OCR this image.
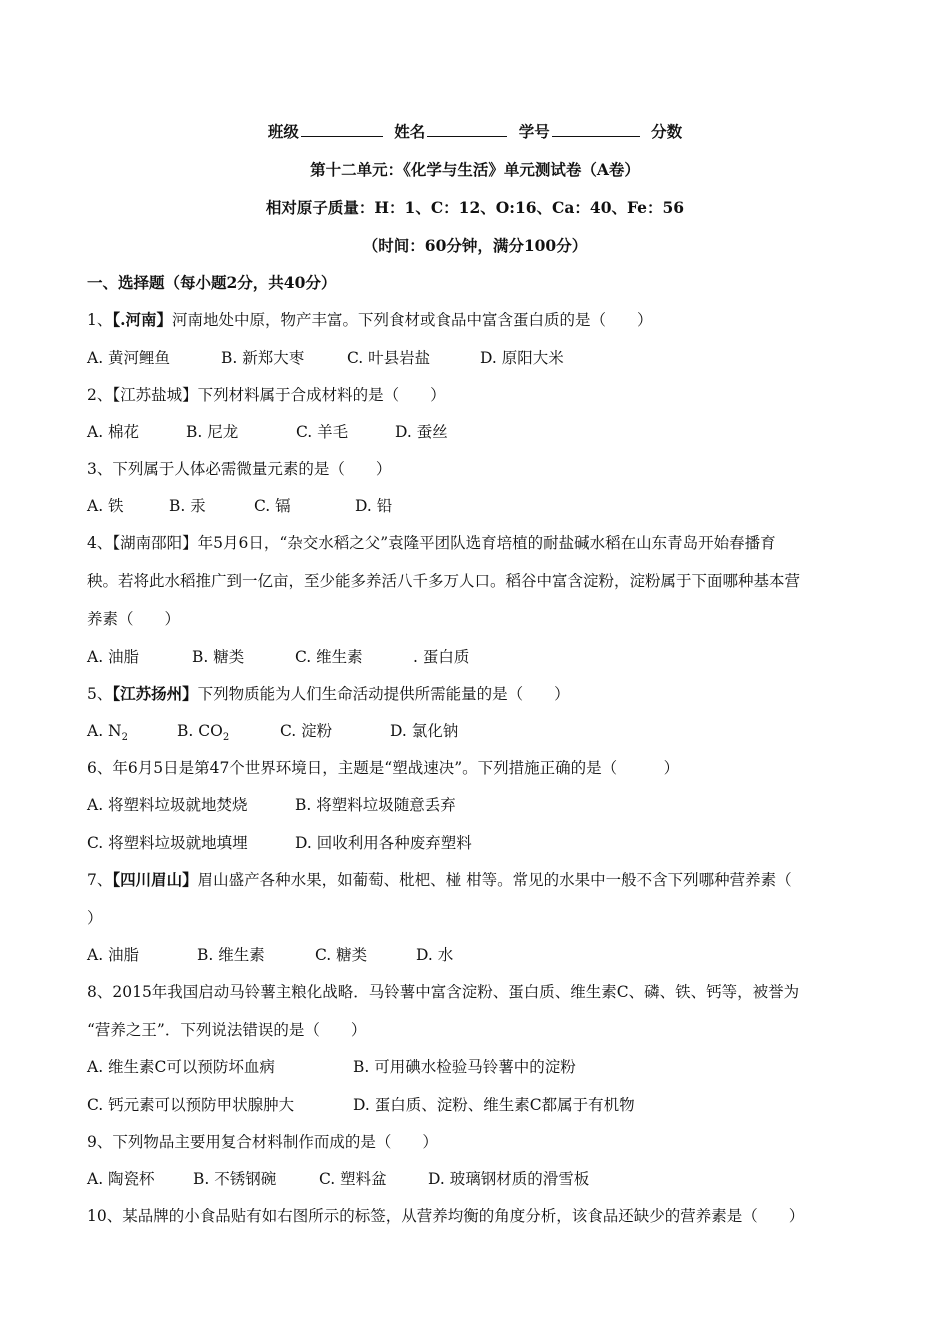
班级	姓名	学号	分数
第十二单元：《化学与生活》单元测试卷（A卷）
相对原子质量：H：1、C：12、O:16、Ca：40、Fe：56
（时间：60分钟，满分100分）
一、选择题（每小题2分，共40分）
1、【.河南】河南地处中原，物产丰富。下列食材或食品中富含蛋白质的是（　　）
A. 黄河鲤鱼	B. 新郑大枣	C. 叶县岩盐	D. 原阳大米
2、【江苏盐城】下列材料属于合成材料的是（　　）
A. 棉花	B. 尼龙	C. 羊毛	D. 蚕丝
3、下列属于人体必需微量元素的是（　　）
A. 铁	B. 汞	C. 镉	D. 铅
4、【湖南邵阳】年5月6日，“杂交水稻之父”袁隆平团队选育培植的耐盐碱水稻在山东青岛开始春播育
秧。若将此水稻推广到一亿亩，至少能多养活八千多万人口。稻谷中富含淀粉，淀粉属于下面哪种基本营
养素（　　）
A. 油脂	B. 糖类	C. 维生素	. 蛋白质
5、【江苏扬州】下列物质能为人们生命活动提供所需能量的是（　　）
A. $N_2$	B. $CO_2$	C. 淀粉	D. 氯化钠
6、年6月5日是第47个世界环境日，主题是“塑战速决”。下列措施正确的是（　　　）
A. 将塑料垃圾就地焚烧	B. 将塑料垃圾随意丢弃
C. 将塑料垃圾就地填埋	D. 回收利用各种废弃塑料
7、【四川眉山】眉山盛产各种水果，如葡萄、枇杷、椪 柑等。常见的水果中一般不含下列哪种营养素（
）
A. 油脂	B. 维生素	C. 糖类	D. 水
8、2015年我国启动马铃薯主粮化战略．马铃薯中富含淀粉、蛋白质、维生素C、磷、铁、钙等，被誉为
“营养之王”．下列说法错误的是（　　）
A. 维生素C可以预防坏血病	B. 可用碘水检验马铃薯中的淀粉
C. 钙元素可以预防甲状腺肿大	D. 蛋白质、淀粉、维生素C都属于有机物
9、下列物品主要用复合材料制作而成的是（　　）
A. 陶瓷杯 B. 不锈钢碗	C. 塑料盆	D. 玻璃钢材质的滑雪板
10、某品牌的小食品贴有如右图所示的标签，从营养均衡的角度分析，该食品还缺少的营养素是（　　）
